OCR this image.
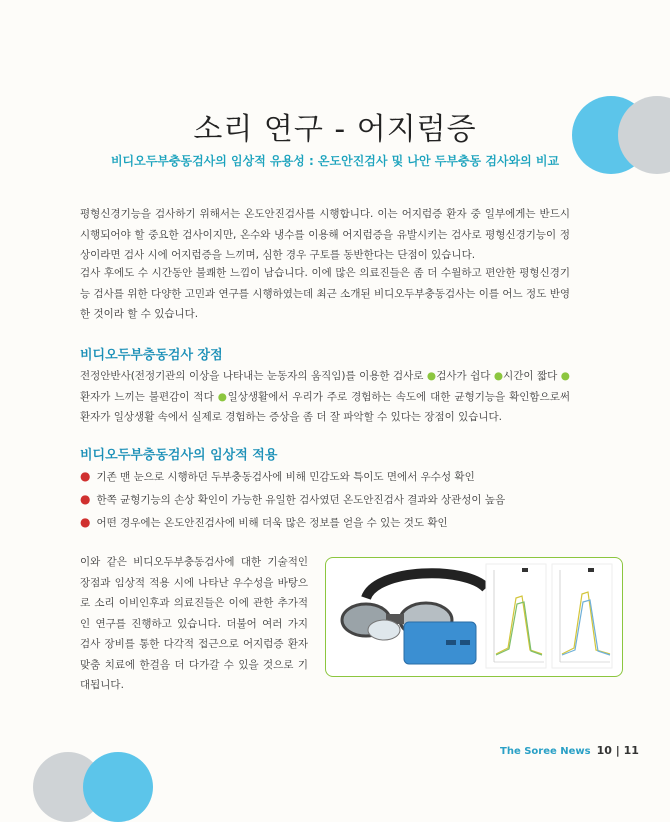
소리 연구 - 어지럼증
비디오두부충동검사의 임상적 유용성 : 온도안진검사 및 나안 두부충동 검사와의 비교

평형신경기능을 검사하기 위해서는 온도안진검사를 시행합니다. 이는 어지럼증 환자 중 일부에게는 반드시 시행되어야 할 중요한 검사이지만, 온수와 냉수를 이용해 어지럼증을 유발시키는 검사로 평형신경기능이 정상이라면 검사 시에 어지럼증을 느끼며, 심한 경우 구토를 동반한다는 단점이 있습니다.

검사 후에도 수 시간동안 불쾌한 느낌이 남습니다. 이에 많은 의료진들은 좀 더 수월하고 편안한 평형신경기능 검사를 위한 다양한 고민과 연구를 시행하였는데 최근 소개된 비디오두부충동검사는 이를 어느 정도 반영한 것이라 할 수 있습니다.

비디오두부충동검사 장점

전정안반사(전정기관의 이상을 나타내는 눈동자의 움직임)를 이용한 검사로 ●검사가 쉽다 ●시간이 짧다 ● 환자가 느끼는 불편감이 적다 ●일상생활에서 우리가 주로 경험하는 속도에 대한 균형기능을 확인함으로써 환자가 일상생활 속에서 실제로 경험하는 증상을 좀 더 잘 파악할 수 있다는 장점이 있습니다.

비디오두부충동검사의 임상적 적용
● 기존 맨 눈으로 시행하던 두부충동검사에 비해 민감도와 특이도 면에서 우수성 확인
● 한쪽 균형기능의 손상 확인이 가능한 유일한 검사였던 온도안진검사 결과와 상관성이 높음
● 어떤 경우에는 온도안진검사에 비해 더욱 많은 정보를 얻을 수 있는 것도 확인

이와 같은 비디오두부충동검사에 대한 기술적인 장점과 임상적 적용 시에 나타난 우수성을 바탕으로 소리 이비인후과 의료진들은 이에 관한 추가적인 연구를 진행하고 있습니다. 더불어 여러 가지 검사 장비를 통한 다각적 접근으로 어지럼증 환자 맞춤 치료에 한걸음 더 다가갈 수 있을 것으로 기대됩니다.

The Soree News 10 | 11
